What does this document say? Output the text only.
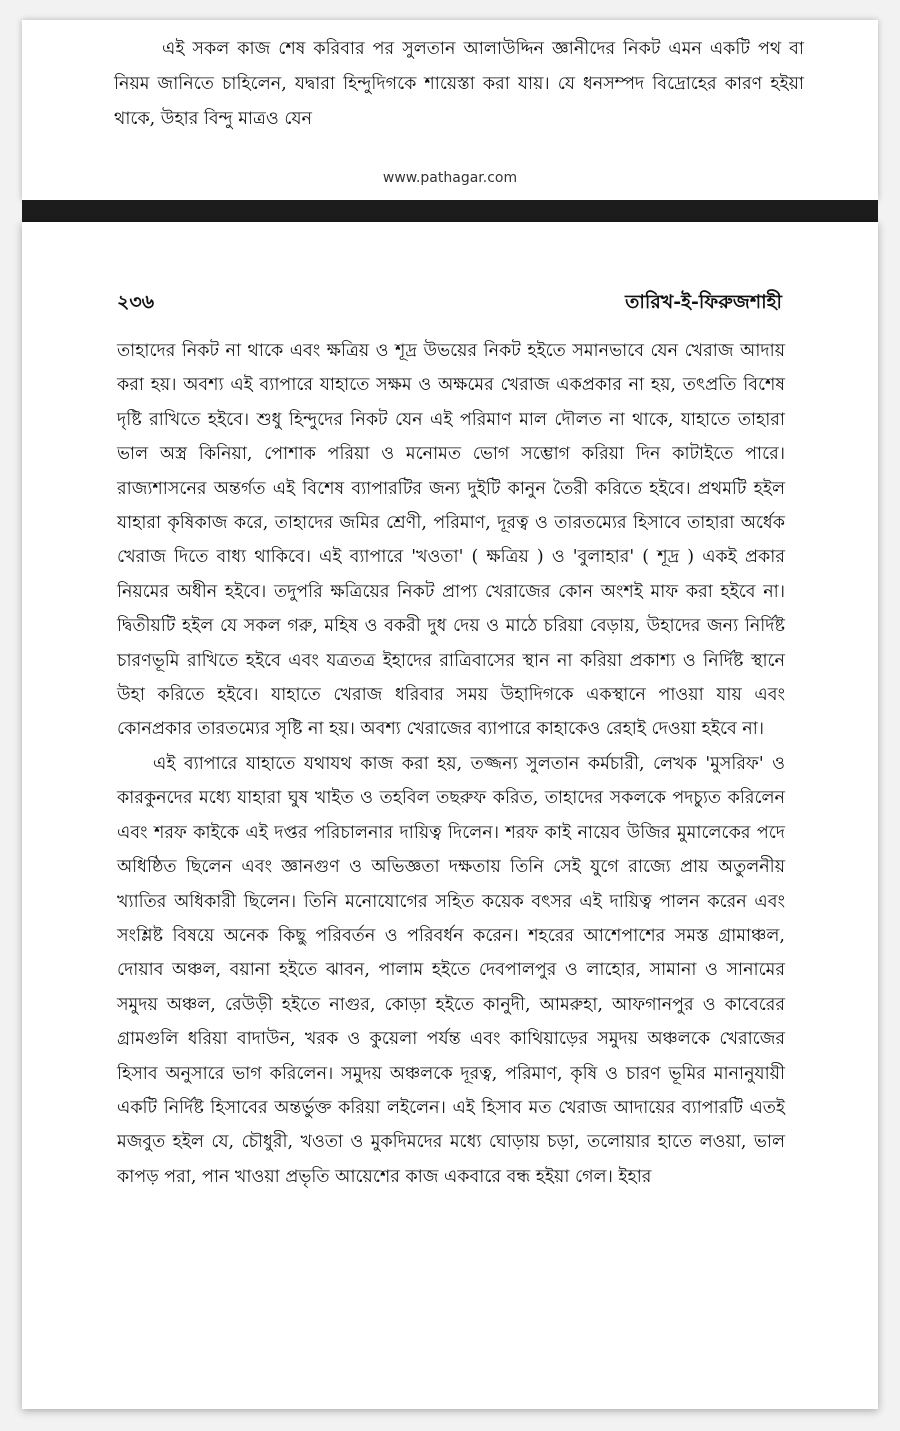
এই সকল কাজ শেষ করিবার পর সুলতান আলাউদ্দিন জ্ঞানীদের নিকট এমন একটি পথ বা নিয়ম জানিতে চাহিলেন, যদ্বারা হিন্দুদিগকে শায়েস্তা করা যায়। যে ধনসম্পদ বিদ্রোহের কারণ হইয়া থাকে, উহার বিন্দু মাত্রও যেন

www.pathagar.com
২৩৬	তারিখ-ই-ফিরুজশাহী

তাহাদের নিকট না থাকে এবং ক্ষত্রিয় ও শূদ্র উভয়ের নিকট হইতে সমানভাবে যেন খেরাজ আদায় করা হয়। অবশ্য এই ব্যাপারে যাহাতে সক্ষম ও অক্ষমের খেরাজ একপ্রকার না হয়, তৎপ্রতি বিশেষ দৃষ্টি রাখিতে হইবে। শুধু হিন্দুদের নিকট যেন এই পরিমাণ মাল দৌলত না থাকে, যাহাতে তাহারা ভাল অস্ত্র কিনিয়া, পোশাক পরিয়া ও মনোমত ভোগ সম্ভোগ করিয়া দিন কাটাইতে পারে। রাজ্যশাসনের অন্তর্গত এই বিশেষ ব্যাপারটির জন্য দুইটি কানুন তৈরী করিতে হইবে। প্রথমটি হইল যাহারা কৃষিকাজ করে, তাহাদের জমির শ্রেণী, পরিমাণ, দূরত্ব ও তারতম্যের হিসাবে তাহারা অর্ধেক খেরাজ দিতে বাধ্য থাকিবে। এই ব্যাপারে 'খওতা' ( ক্ষত্রিয় ) ও 'বুলাহার' ( শূদ্র ) একই প্রকার নিয়মের অধীন হইবে। তদুপরি ক্ষত্রিয়ের নিকট প্রাপ্য খেরাজের কোন অংশই মাফ করা হইবে না। দ্বিতীয়টি হইল যে সকল গরু, মহিষ ও বকরী দুধ দেয় ও মাঠে চরিয়া বেড়ায়, উহাদের জন্য নির্দিষ্ট চারণভূমি রাখিতে হইবে এবং যত্রতত্র ইহাদের রাত্রিবাসের স্থান না করিয়া প্রকাশ্য ও নির্দিষ্ট স্থানে উহা করিতে হইবে। যাহাতে খেরাজ ধরিবার সময় উহাদিগকে একস্থানে পাওয়া যায় এবং কোনপ্রকার তারতম্যের সৃষ্টি না হয়। অবশ্য খেরাজের ব্যাপারে কাহাকেও রেহাই দেওয়া হইবে না।

এই ব্যাপারে যাহাতে যথাযথ কাজ করা হয়, তজ্জন্য সুলতান কর্মচারী, লেখক 'মুসরিফ' ও কারকুনদের মধ্যে যাহারা ঘুষ খাইত ও তহবিল তছরুফ করিত, তাহাদের সকলকে পদচ্যুত করিলেন এবং শরফ কাইকে এই দপ্তর পরিচালনার দায়িত্ব দিলেন। শরফ কাই নায়েব উজির মুমালেকের পদে অধিষ্ঠিত ছিলেন এবং জ্ঞানগুণ ও অভিজ্ঞতা দক্ষতায় তিনি সেই যুগে রাজ্যে প্রায় অতুলনীয় খ্যাতির অধিকারী ছিলেন। তিনি মনোযোগের সহিত কয়েক বৎসর এই দায়িত্ব পালন করেন এবং সংশ্লিষ্ট বিষয়ে অনেক কিছু পরিবর্তন ও পরিবর্ধন করেন। শহরের আশেপাশের সমস্ত গ্রামাঞ্চল, দোয়াব অঞ্চল, বয়ানা হইতে ঝাবন, পালাম হইতে দেবপালপুর ও লাহোর, সামানা ও সানামের সমুদয় অঞ্চল, রেউড়ী হইতে নাগুর, কোড়া হইতে কানুদী, আমরুহা, আফগানপুর ও কাবেরের গ্রামগুলি ধরিয়া বাদাউন, খরক ও কুয়েলা পর্যন্ত এবং কাথিয়াড়ের সমুদয় অঞ্চলকে খেরাজের হিসাব অনুসারে ভাগ করিলেন। সমুদয় অঞ্চলকে দূরত্ব, পরিমাণ, কৃষি ও চারণ ভূমির মানানুযায়ী একটি নির্দিষ্ট হিসাবের অন্তর্ভুক্ত করিয়া লইলেন। এই হিসাব মত খেরাজ আদায়ের ব্যাপারটি এতই মজবুত হইল যে, চৌধুরী, খওতা ও মুকদিমদের মধ্যে ঘোড়ায় চড়া, তলোয়ার হাতে লওয়া, ভাল কাপড় পরা, পান খাওয়া প্রভৃতি আয়েশের কাজ একবারে বন্ধ হইয়া গেল। ইহার
